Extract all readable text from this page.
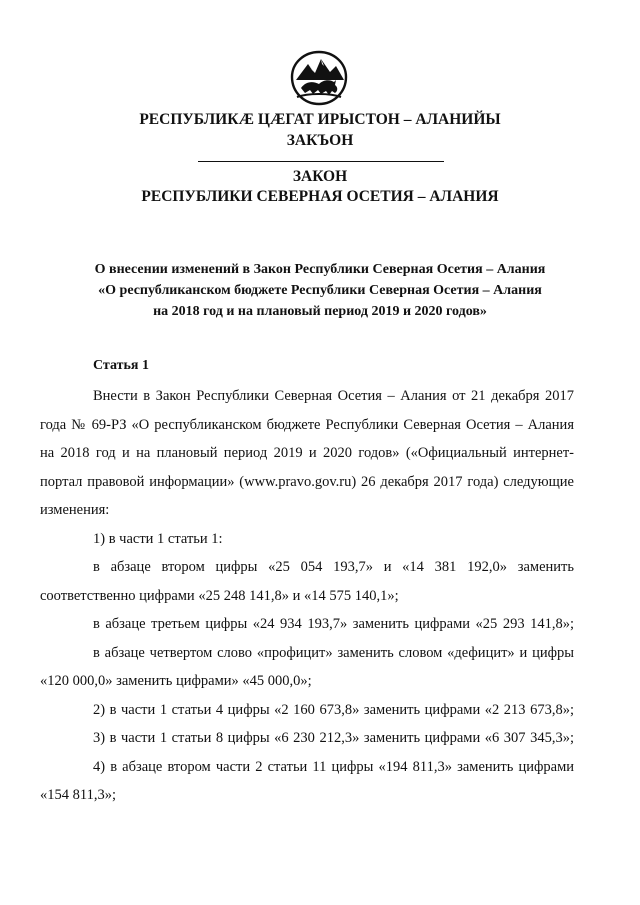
РЕСПУБЛИКӔ ЦӔГАТ ИРЫСТОН – АЛАНИЙЫ
ЗАКЪОН
ЗАКОН
РЕСПУБЛИКИ СЕВЕРНАЯ ОСЕТИЯ – АЛАНИЯ
О внесении изменений в Закон Республики Северная Осетия – Алания
«О республиканском бюджете Республики Северная Осетия – Алания
на 2018 год и на плановый период 2019 и 2020 годов»
Статья 1

Внести в Закон Республики Северная Осетия – Алания от 21 декабря 2017 года № 69-РЗ «О республиканском бюджете Республики Северная Осетия – Алания на 2018 год и на плановый период 2019 и 2020 годов» («Официальный интернет-портал правовой информации» (www.pravo.gov.ru) 26 декабря 2017 года) следующие изменения:

1) в части 1 статьи 1:

в абзаце втором цифры «25 054 193,7» и «14 381 192,0» заменить соответственно цифрами «25 248 141,8» и «14 575 140,1»;

в абзаце третьем цифры «24 934 193,7» заменить цифрами «25 293 141,8»;

в абзаце четвертом слово «профицит» заменить словом «дефицит» и цифры «120 000,0» заменить цифрами» «45 000,0»;

2) в части 1 статьи 4 цифры «2 160 673,8» заменить цифрами «2 213 673,8»;

3) в части 1 статьи 8 цифры «6 230 212,3» заменить цифрами «6 307 345,3»;

4) в абзаце втором части 2 статьи 11 цифры «194 811,3» заменить цифрами «154 811,3»;
